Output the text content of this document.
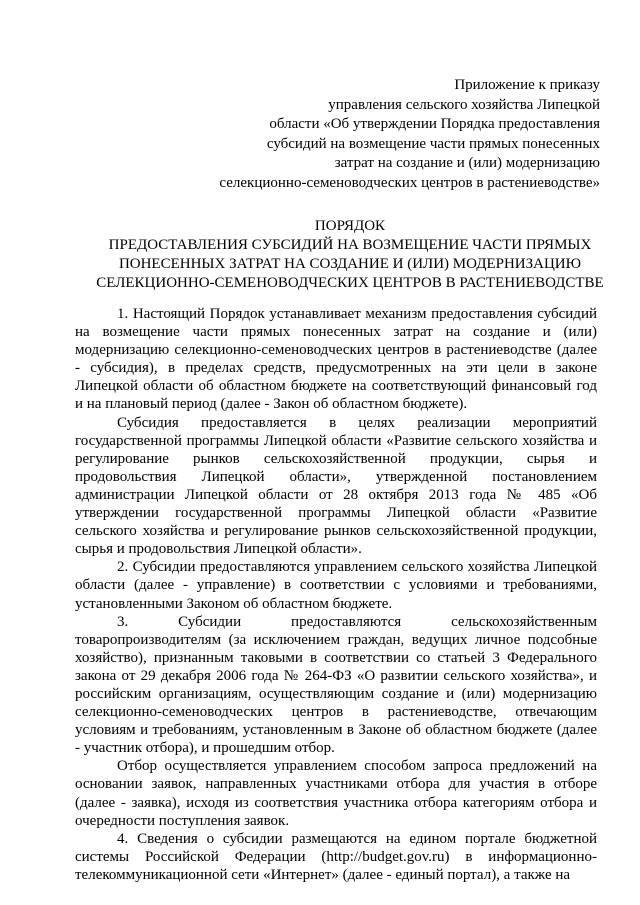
Приложение к приказу
управления сельского хозяйства Липецкой
области «Об утверждении Порядка предоставления
субсидий на возмещение части прямых понесенных
затрат на создание и (или) модернизацию
селекционно-семеноводческих центров в растениеводстве»
ПОРЯДОК
ПРЕДОСТАВЛЕНИЯ СУБСИДИЙ НА ВОЗМЕЩЕНИЕ ЧАСТИ ПРЯМЫХ
ПОНЕСЕННЫХ ЗАТРАТ НА СОЗДАНИЕ И (ИЛИ) МОДЕРНИЗАЦИЮ
СЕЛЕКЦИОННО-СЕМЕНОВОДЧЕСКИХ ЦЕНТРОВ В РАСТЕНИЕВОДСТВЕ

1. Настоящий Порядок устанавливает механизм предоставления субсидий на возмещение части прямых понесенных затрат на создание и (или) модернизацию селекционно-семеноводческих центров в растениеводстве (далее - субсидия), в пределах средств, предусмотренных на эти цели в законе Липецкой области об областном бюджете на соответствующий финансовый год и на плановый период (далее - Закон об областном бюджете).

Субсидия предоставляется в целях реализации мероприятий государственной программы Липецкой области «Развитие сельского хозяйства и регулирование рынков сельскохозяйственной продукции, сырья и продовольствия Липецкой области», утвержденной постановлением администрации Липецкой области от 28 октября 2013 года № 485 «Об утверждении государственной программы Липецкой области «Развитие сельского хозяйства и регулирование рынков сельскохозяйственной продукции, сырья и продовольствия Липецкой области».

2. Субсидии предоставляются управлением сельского хозяйства Липецкой области (далее - управление) в соответствии с условиями и требованиями, установленными Законом об областном бюджете.

3. Субсидии предоставляются сельскохозяйственным товаропроизводителям (за исключением граждан, ведущих личное подсобные хозяйство), признанным таковыми в соответствии со статьей 3 Федерального закона от 29 декабря 2006 года № 264-ФЗ «О развитии сельского хозяйства», и российским организациям, осуществляющим создание и (или) модернизацию селекционно-семеноводческих центров в растениеводстве, отвечающим условиям и требованиям, установленным в Законе об областном бюджете (далее - участник отбора), и прошедшим отбор.

Отбор осуществляется управлением способом запроса предложений на основании заявок, направленных участниками отбора для участия в отборе (далее - заявка), исходя из соответствия участника отбора категориям отбора и очередности поступления заявок.

4. Сведения о субсидии размещаются на едином портале бюджетной системы Российской Федерации (http://budget.gov.ru) в информационно-телекоммуникационной сети «Интернет» (далее - единый портал), а также на
